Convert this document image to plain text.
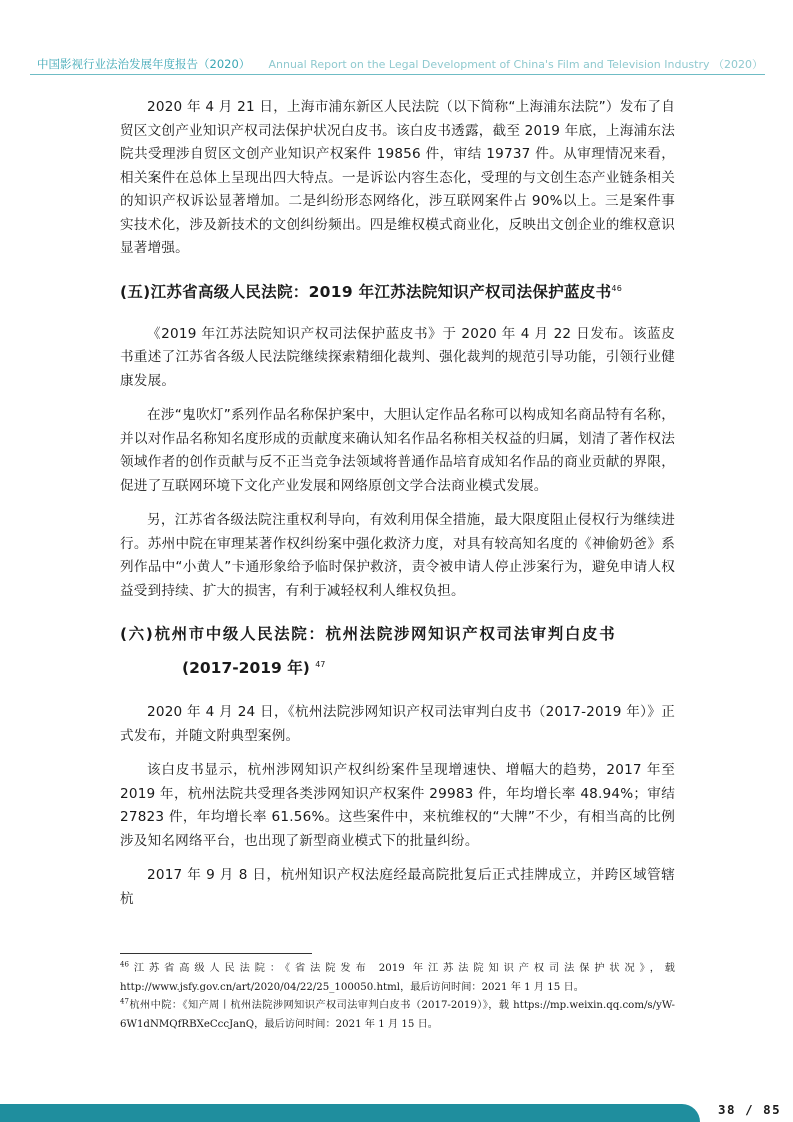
中国影视行业法治发展年度报告（2020） Annual Report on the Legal Development of China's Film and Television Industry （2020）

2020 年 4 月 21 日，上海市浦东新区人民法院（以下简称“上海浦东法院”）发布了自贸区文创产业知识产权司法保护状况白皮书。该白皮书透露，截至 2019 年底，上海浦东法院共受理涉自贸区文创产业知识产权案件 19856 件，审结 19737 件。从审理情况来看，相关案件在总体上呈现出四大特点。一是诉讼内容生态化，受理的与文创生态产业链条相关的知识产权诉讼显著增加。二是纠纷形态网络化，涉互联网案件占 90%以上。三是案件事实技术化，涉及新技术的文创纠纷频出。四是维权模式商业化，反映出文创企业的维权意识显著增强。

(五)江苏省高级人民法院：2019 年江苏法院知识产权司法保护蓝皮书$^{46}$

《2019 年江苏法院知识产权司法保护蓝皮书》于 2020 年 4 月 22 日发布。该蓝皮书重述了江苏省各级人民法院继续探索精细化裁判、强化裁判的规范引导功能，引领行业健康发展。

在涉“鬼吹灯”系列作品名称保护案中，大胆认定作品名称可以构成知名商品特有名称，并以对作品名称知名度形成的贡献度来确认知名作品名称相关权益的归属，划清了著作权法领域作者的创作贡献与反不正当竞争法领域将普通作品培育成知名作品的商业贡献的界限，促进了互联网环境下文化产业发展和网络原创文学合法商业模式发展。

另，江苏省各级法院注重权利导向，有效利用保全措施，最大限度阻止侵权行为继续进行。苏州中院在审理某著作权纠纷案中强化救济力度，对具有较高知名度的《神偷奶爸》系列作品中“小黄人”卡通形象给予临时保护救济，责令被申请人停止涉案行为，避免申请人权益受到持续、扩大的损害，有利于减轻权利人维权负担。

(六)杭州市中级人民法院：杭州法院涉网知识产权司法审判白皮书
(2017-2019 年) $^{47}$

2020 年 4 月 24 日，《杭州法院涉网知识产权司法审判白皮书（2017-2019 年）》正式发布，并随文附典型案例。

该白皮书显示，杭州涉网知识产权纠纷案件呈现增速快、增幅大的趋势，2017 年至 2019 年，杭州法院共受理各类涉网知识产权案件 29983 件，年均增长率 48.94%；审结 27823 件，年均增长率 61.56%。这些案件中，来杭维权的“大牌”不少，有相当高的比例涉及知名网络平台，也出现了新型商业模式下的批量纠纷。

2017 年 9 月 8 日，杭州知识产权法庭经最高院批复后正式挂牌成立，并跨区域管辖杭

$^{46}$江苏省高级人民法院：《省法院发布 2019 年江苏法院知识产权司法保护状况》，载 http://www.jsfy.gov.cn/art/2020/04/22/25_100050.html，最后访问时间：2021 年 1 月 15 日。

$^{47}$杭州中院：《知产周丨杭州法院涉网知识产权司法审判白皮书（2017-2019）》，载 https://mp.weixin.qq.com/s/yW-6W1dNMQfRBXeCccJanQ，最后访问时间：2021 年 1 月 15 日。

38 / 85
